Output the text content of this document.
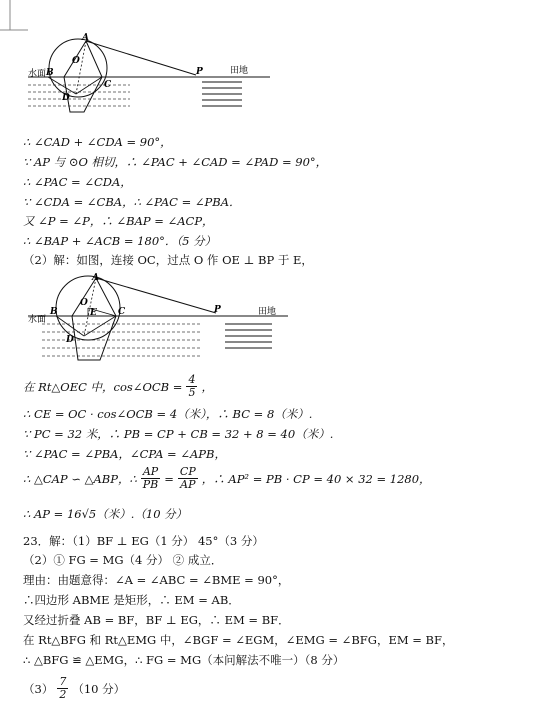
A
B
C
D
O
P
水面	田地
∴ ∠CAD + ∠CDA = 90°，
∵ AP 与 ⊙O 相切，∴ ∠PAC + ∠CAD = ∠PAD = 90°，
∴ ∠PAC = ∠CDA，
∵ ∠CDA = ∠CBA，∴ ∠PAC = ∠PBA．
又 ∠P = ∠P，∴ ∠BAP = ∠ACP，
∴ ∠BAP + ∠ACB = 180°．（5 分）
（2）解：如图，连接 OC，过点 O 作 OE ⊥ BP 于 E，
A
B	C
D
O
E	P
水面
田地
在 Rt△OEC 中，cos∠OCB = $\frac{4}{5}$ ，
∴ CE = OC · cos∠OCB = 4（米），∴ BC = 8（米）.
∵ PC = 32 米，∴ PB = CP + CB = 32 + 8 = 40（米）.
∵ ∠PAC = ∠PBA，∠CPA = ∠APB，
∴ △CAP ∽ △ABP，∴ $\frac{AP}{PB} = \frac{CP}{AP}$ ，∴ AP² = PB · CP = 40 × 32 = 1280，
∴ AP = 16√5（米）.（10 分）
23．解：（1）BF ⊥ EG（1 分） 45°（3 分）
（2）① FG = MG（4 分） ② 成立．
理由：由题意得：∠A = ∠ABC = ∠BME = 90°，
∴四边形 ABME 是矩形，∴ EM = AB．
又经过折叠 AB = BF，BF ⊥ EG，∴ EM = BF．
在 Rt△BFG 和 Rt△EMG 中，∠BGF = ∠EGM，∠EMG = ∠BFG，EM = BF，
∴ △BFG ≌ △EMG，∴ FG = MG（本问解法不唯一）（8 分）
$(3) \frac{7}{2} (10$ 分）
